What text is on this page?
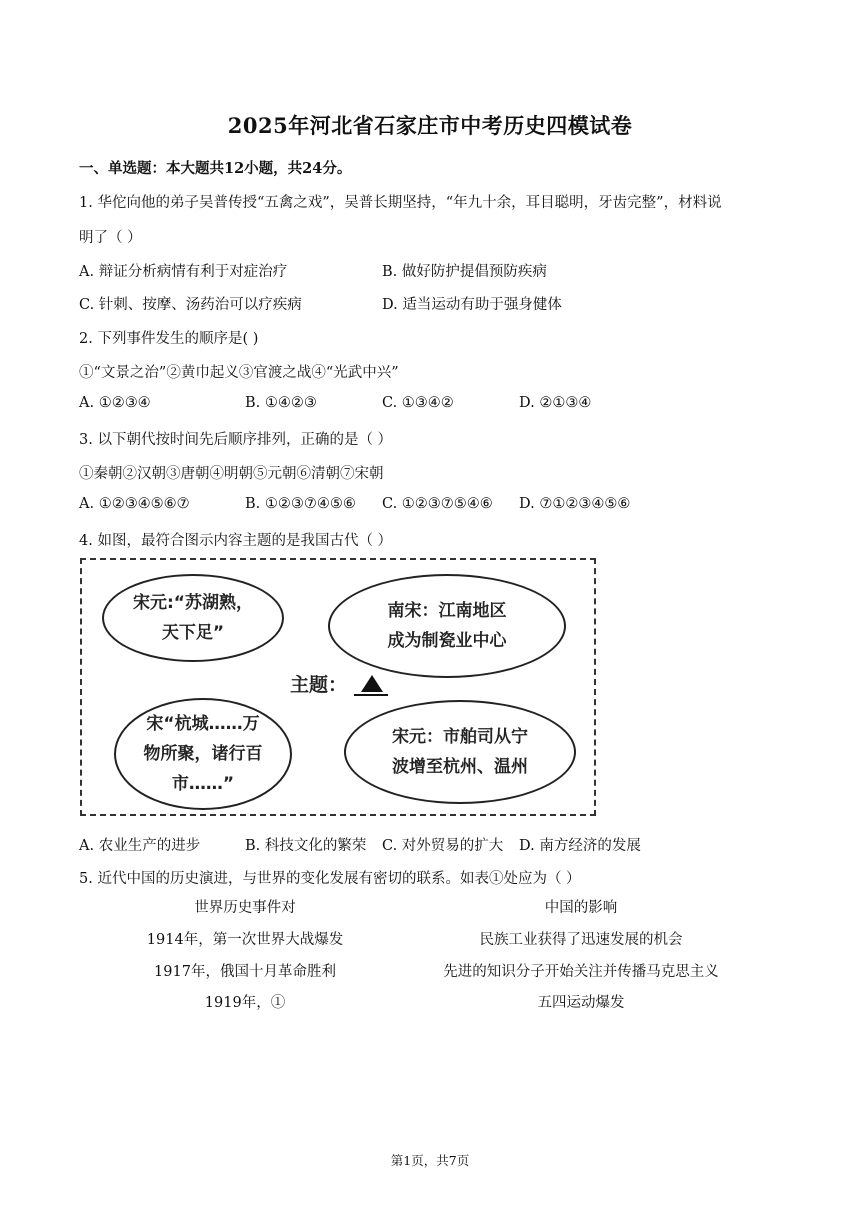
2025年河北省石家庄市中考历史四模试卷
一、单选题：本大题共12小题，共24分。
1. 华佗向他的弟子吴普传授“五禽之戏”，吴普长期坚持，“年九十余，耳目聪明，牙齿完整”，材料说
明了（ ）
A. 辩证分析病情有利于对症治疗	B. 做好防护提倡预防疾病
C. 针刺、按摩、汤药治可以疗疾病	D. 适当运动有助于强身健体
2. 下列事件发生的顺序是( )
①“文景之治”②黄巾起义③官渡之战④“光武中兴”
A. ①②③④	B. ①④②③	C. ①③④②	D. ②①③④
3. 以下朝代按时间先后顺序排列，正确的是（ ）
①秦朝②汉朝③唐朝④明朝⑤元朝⑥清朝⑦宋朝
A. ①②③④⑤⑥⑦	B. ①②③⑦④⑤⑥ C. ①②③⑦⑤④⑥ D. ⑦①②③④⑤⑥
4. 如图，最符合图示内容主题的是我国古代（ ）
宋元:“苏湖熟，
天下足”
南宋：江南地区
成为制瓷业中心
主题：
宋“杭城……万
物所聚，诸行百
市……”
宋元：市舶司从宁
波增至杭州、温州
A. 农业生产的进步	B. 科技文化的繁荣 C. 对外贸易的扩大 D. 南方经济的发展
5. 近代中国的历史演进，与世界的变化发展有密切的联系。如表①处应为（ ）
世界历史事件对	中国的影响
1914年，第一次世界大战爆发	民族工业获得了迅速发展的机会
1917年，俄国十月革命胜利	先进的知识分子开始关注并传播马克思主义
1919年，①	五四运动爆发
第1页，共7页
